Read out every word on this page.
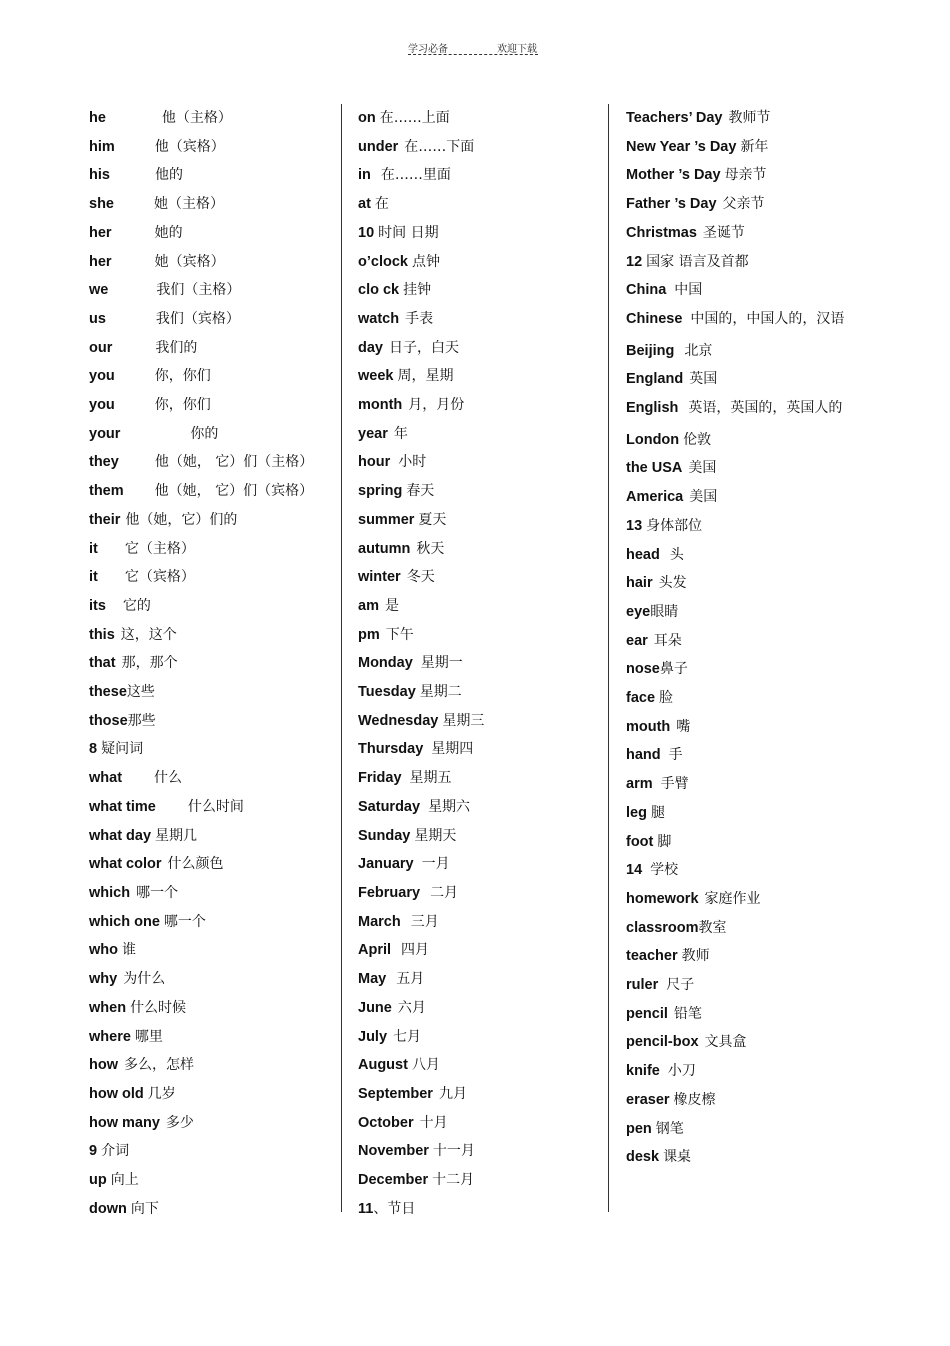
学习必备	欢迎下载
he	他（主格）
him	他（宾格）
his	他的
she	她（主格）
her	她的
her	她（宾格）
we	我们（主格）
us	我们（宾格）
our	我们的
you	你，你们
you	你，你们
your	你的
they	他（她， 它）们（主格）
them 他（她， 它）们（宾格）
their 他（她，它）们的
it 它（主格）
it 它（宾格）
its 它的
this 这，这个
that 那，那个
these这些
those那些
8 疑问词
what 什么
what time 什么时间
what day 星期几
what color 什么颜色
which 哪一个
which one 哪一个
who 谁
why 为什么
when 什么时候
where 哪里
how 多么，怎样
how old 几岁
how many 多少
9 介词
up 向上
down 向下
on 在……上面
under 在……下面
in 在……里面
at 在
10 时间 日期
o’clock 点钟
clo ck 挂钟
watch 手表
day 日子，白天
week 周，星期
month 月，月份
year 年
hour 小时
spring 春天
summer 夏天
autumn 秋天
winter 冬天
am 是
pm 下午
Monday 星期一
Tuesday 星期二
Wednesday 星期三
Thursday 星期四
Friday 星期五
Saturday 星期六
Sunday 星期天
January 一月
February 二月
March 三月
April 四月
May 五月
June 六月
July 七月
August 八月
September 九月
October 十月
November 十一月
December 十二月
11、节日
Teachers’ Day 教师节
New Year ’s Day 新年
Mother ’s Day 母亲节
Father ’s Day 父亲节
Christmas 圣诞节
12 国家 语言及首都
China 中国
Chinese 中国的，中国人的，汉语
Beijing 北京
England 英国
English 英语，英国的，英国人的
London 伦敦
the USA 美国
America 美国
13 身体部位
head 头
hair 头发
eye眼睛
ear 耳朵
nose鼻子
face 脸
mouth 嘴
hand 手
arm 手臂
leg 腿
foot 脚
14 学校
homework 家庭作业
classroom教室
teacher 教师
ruler 尺子
pencil 铅笔
pencil-box 文具盒
knife 小刀
eraser 橡皮檫
pen 钢笔
desk 课桌
